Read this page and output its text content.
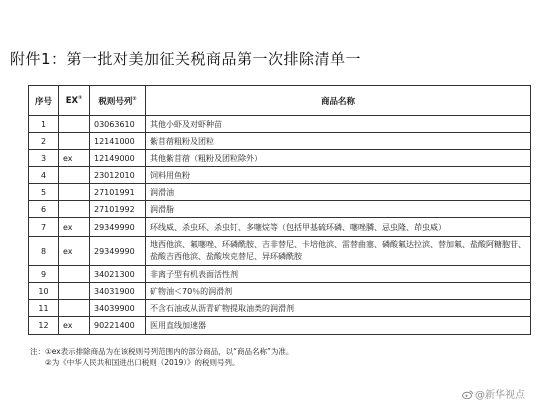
附件1：第一批对美加征关税商品第一次排除清单一
序号	EX①	税则号列②	商品名称
1		03063610	其他小虾及对虾种苗
2		12141000	紫苜蓿粗粉及团粒
3	ex	12149000	其他紫苜蓿（粗粉及团粒除外）
4		23012010	饲料用鱼粉
5		27101991	润滑油
6		27101992	润滑脂
7	ex	29349990	环线威、杀虫环、杀虫钉、多噻烷等（包括甲基硫环磷、噻唑膦、忌虫隆、茚虫威）
8	ex	29349990	地西他滨、氟噻唑、环磷酰胺、吉非替尼、卡培他滨、雷替曲塞、磷酸氟达拉滨、替加氟、盐酸阿糖胞苷、盐酸吉西他滨、盐酸埃克替尼、异环磷酰胺

9		34021300	非离子型有机表面活性剂
10		34031900	矿物油＜70％的润滑剂
11		34039900	不含石油或从沥青矿物提取油类的润滑剂
12	ex	90221400	医用直线加速器
注：①ex表示排除商品为在该税则号列范围内的部分商品，以“商品名称”为准。
②为《中华人民共和国进出口税则（2019）》的税则号列。
@新华视点
